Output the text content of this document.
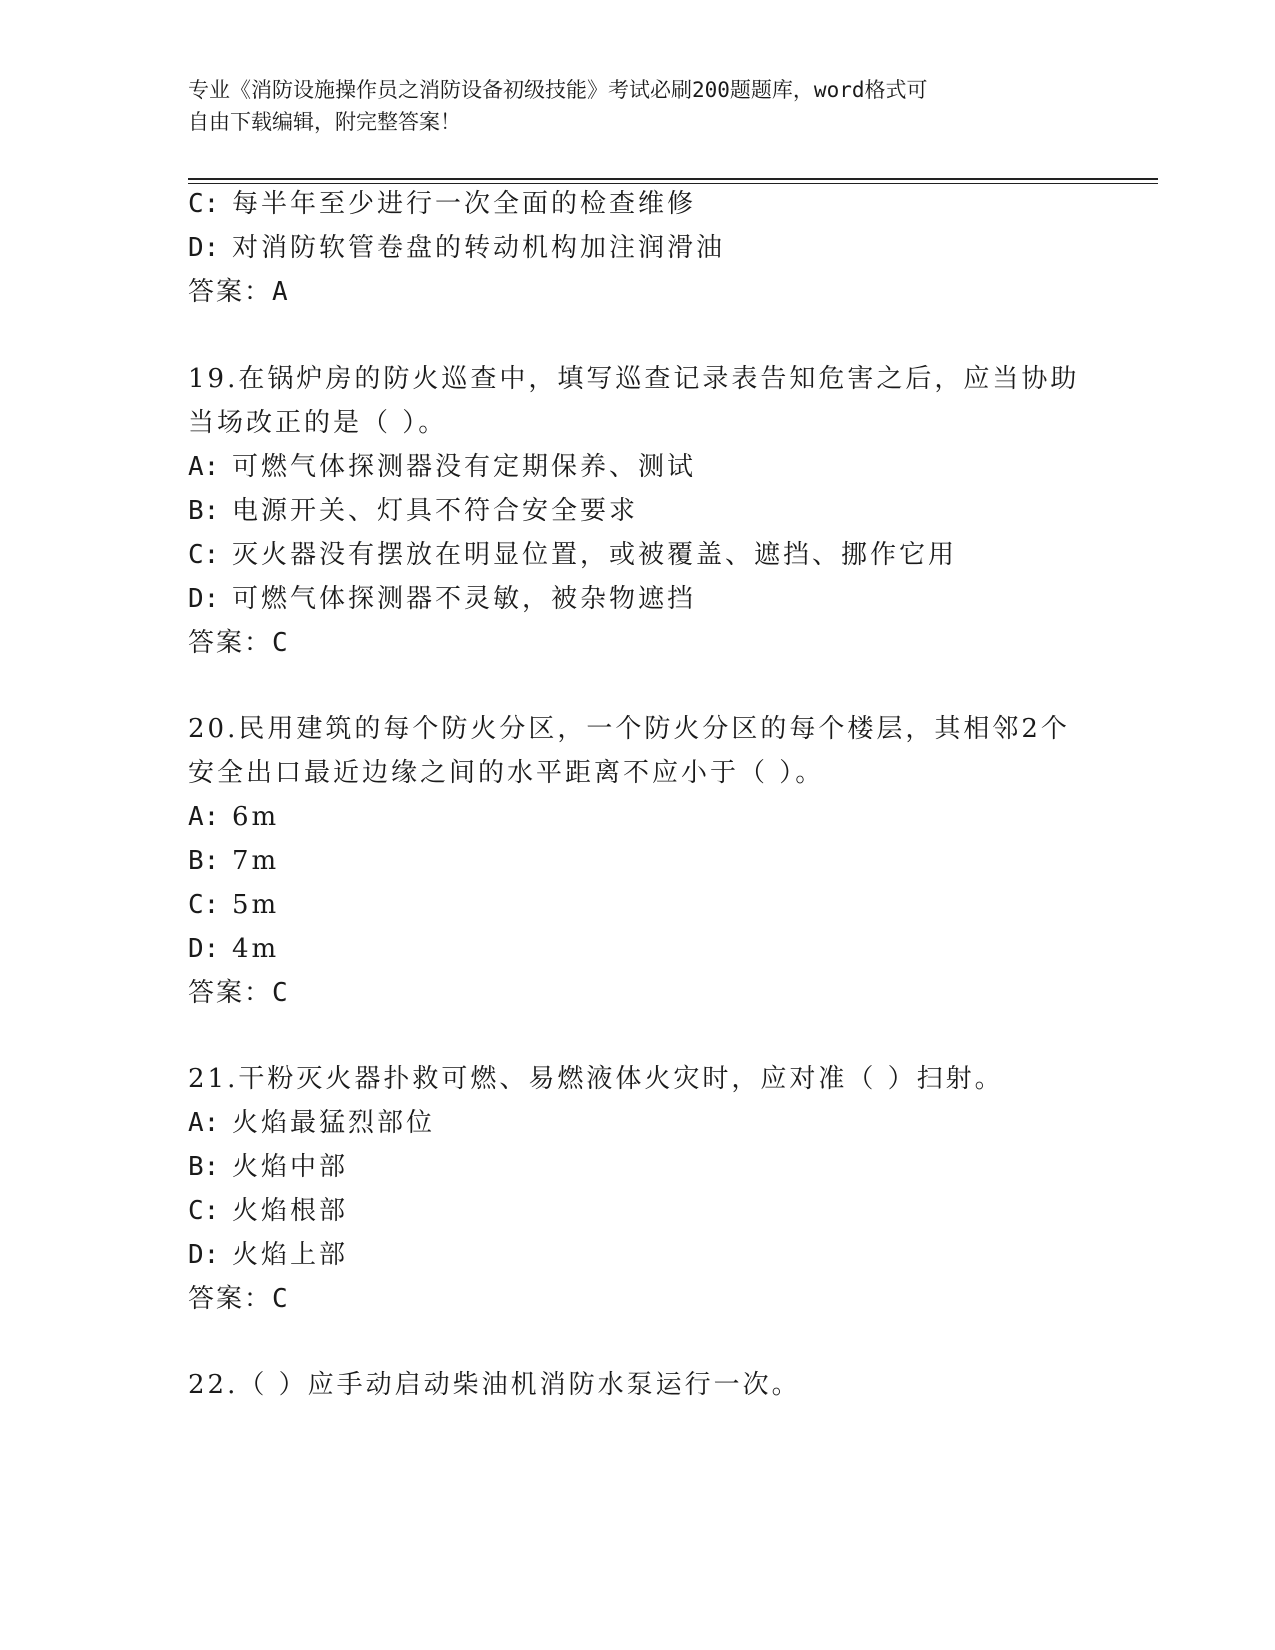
专业《消防设施操作员之消防设备初级技能》考试必刷200题题库，word格式可
自由下载编辑，附完整答案！
C: 每半年至少进行一次全面的检查维修
D: 对消防软管卷盘的转动机构加注润滑油
答案：A
19.在锅炉房的防火巡查中，填写巡查记录表告知危害之后，应当协助
当场改正的是（ ）。
A: 可燃气体探测器没有定期保养、测试
B: 电源开关、灯具不符合安全要求
C: 灭火器没有摆放在明显位置，或被覆盖、遮挡、挪作它用
D: 可燃气体探测器不灵敏，被杂物遮挡
答案：C
20.民用建筑的每个防火分区，一个防火分区的每个楼层，其相邻2个
安全出口最近边缘之间的水平距离不应小于（ ）。
A: 6m
B: 7m
C: 5m
D: 4m
答案：C
21.干粉灭火器扑救可燃、易燃液体火灾时，应对准（ ）扫射。
A: 火焰最猛烈部位
B: 火焰中部
C: 火焰根部
D: 火焰上部
答案：C
22.（ ）应手动启动柴油机消防水泵运行一次。
